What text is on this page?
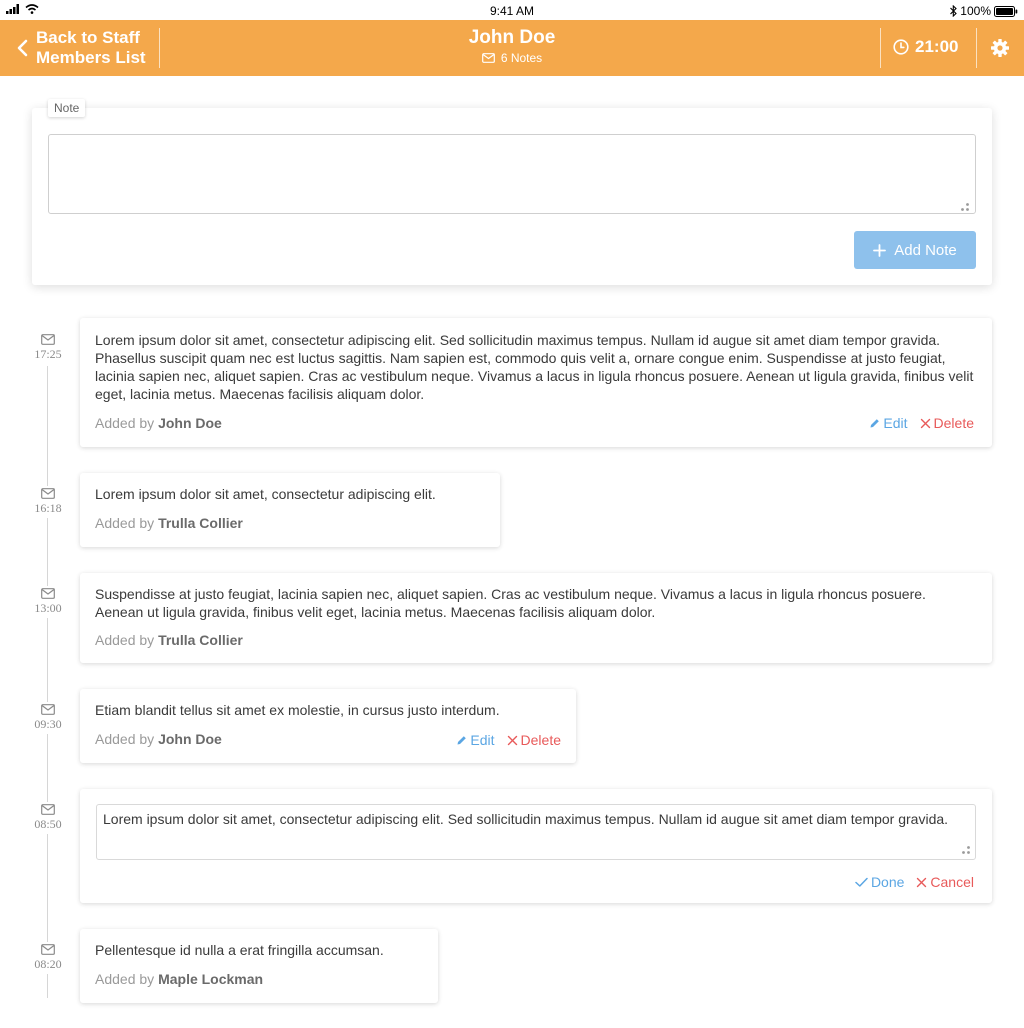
9:41 AM	100%
Back to Staff Members List
John Doe
6 Notes
21:00
Note
Add Note
17:25
Lorem ipsum dolor sit amet, consectetur adipiscing elit. Sed sollicitudin maximus tempus. Nullam id augue sit amet diam tempor gravida. Phasellus suscipit quam nec est luctus sagittis. Nam sapien est, commodo quis velit a, ornare congue enim. Suspendisse at justo feugiat, lacinia sapien nec, aliquet sapien. Cras ac vestibulum neque. Vivamus a lacus in ligula rhoncus posuere. Aenean ut ligula gravida, finibus velit eget, lacinia metus. Maecenas facilisis aliquam dolor.
Added by John Doe	Edit Delete
16:18
Lorem ipsum dolor sit amet, consectetur adipiscing elit.
Added by Trulla Collier
13:00
Suspendisse at justo feugiat, lacinia sapien nec, aliquet sapien. Cras ac vestibulum neque. Vivamus a lacus in ligula rhoncus posuere. Aenean ut ligula gravida, finibus velit eget, lacinia metus. Maecenas facilisis aliquam dolor.
Added by Trulla Collier
09:30
Etiam blandit tellus sit amet ex molestie, in cursus justo interdum.
Added by John Doe	Edit Delete
08:50
Lorem ipsum dolor sit amet, consectetur adipiscing elit. Sed sollicitudin maximus tempus. Nullam id augue sit amet diam tempor gravida.
Done Cancel
08:20
Pellentesque id nulla a erat fringilla accumsan.
Added by Maple Lockman
